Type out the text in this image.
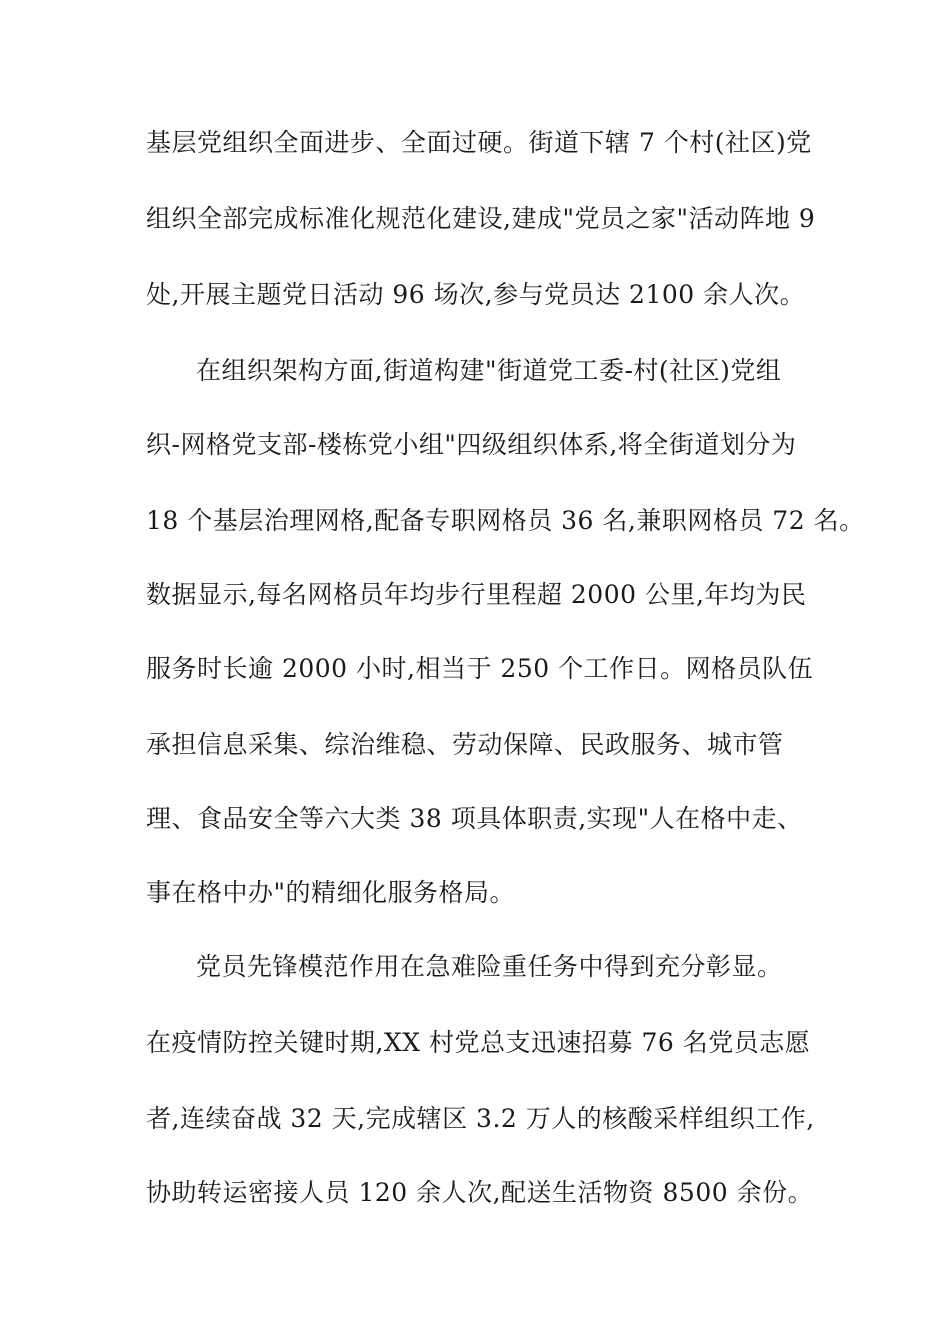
基层党组织全面进步、全面过硬。街道下辖 7 个村(社区)党
组织全部完成标准化规范化建设,建成"党员之家"活动阵地 9
处,开展主题党日活动 96 场次,参与党员达 2100 余人次。
在组织架构方面,街道构建"街道党工委-村(社区)党组
织-网格党支部-楼栋党小组"四级组织体系,将全街道划分为
18 个基层治理网格,配备专职网格员 36 名,兼职网格员 72 名。
数据显示,每名网格员年均步行里程超 2000 公里,年均为民
服务时长逾 2000 小时,相当于 250 个工作日。网格员队伍
承担信息采集、综治维稳、劳动保障、民政服务、城市管
理、食品安全等六大类 38 项具体职责,实现"人在格中走、
事在格中办"的精细化服务格局。
党员先锋模范作用在急难险重任务中得到充分彰显。
在疫情防控关键时期,XX 村党总支迅速招募 76 名党员志愿
者,连续奋战 32 天,完成辖区 3.2 万人的核酸采样组织工作,
协助转运密接人员 120 余人次,配送生活物资 8500 余份。
